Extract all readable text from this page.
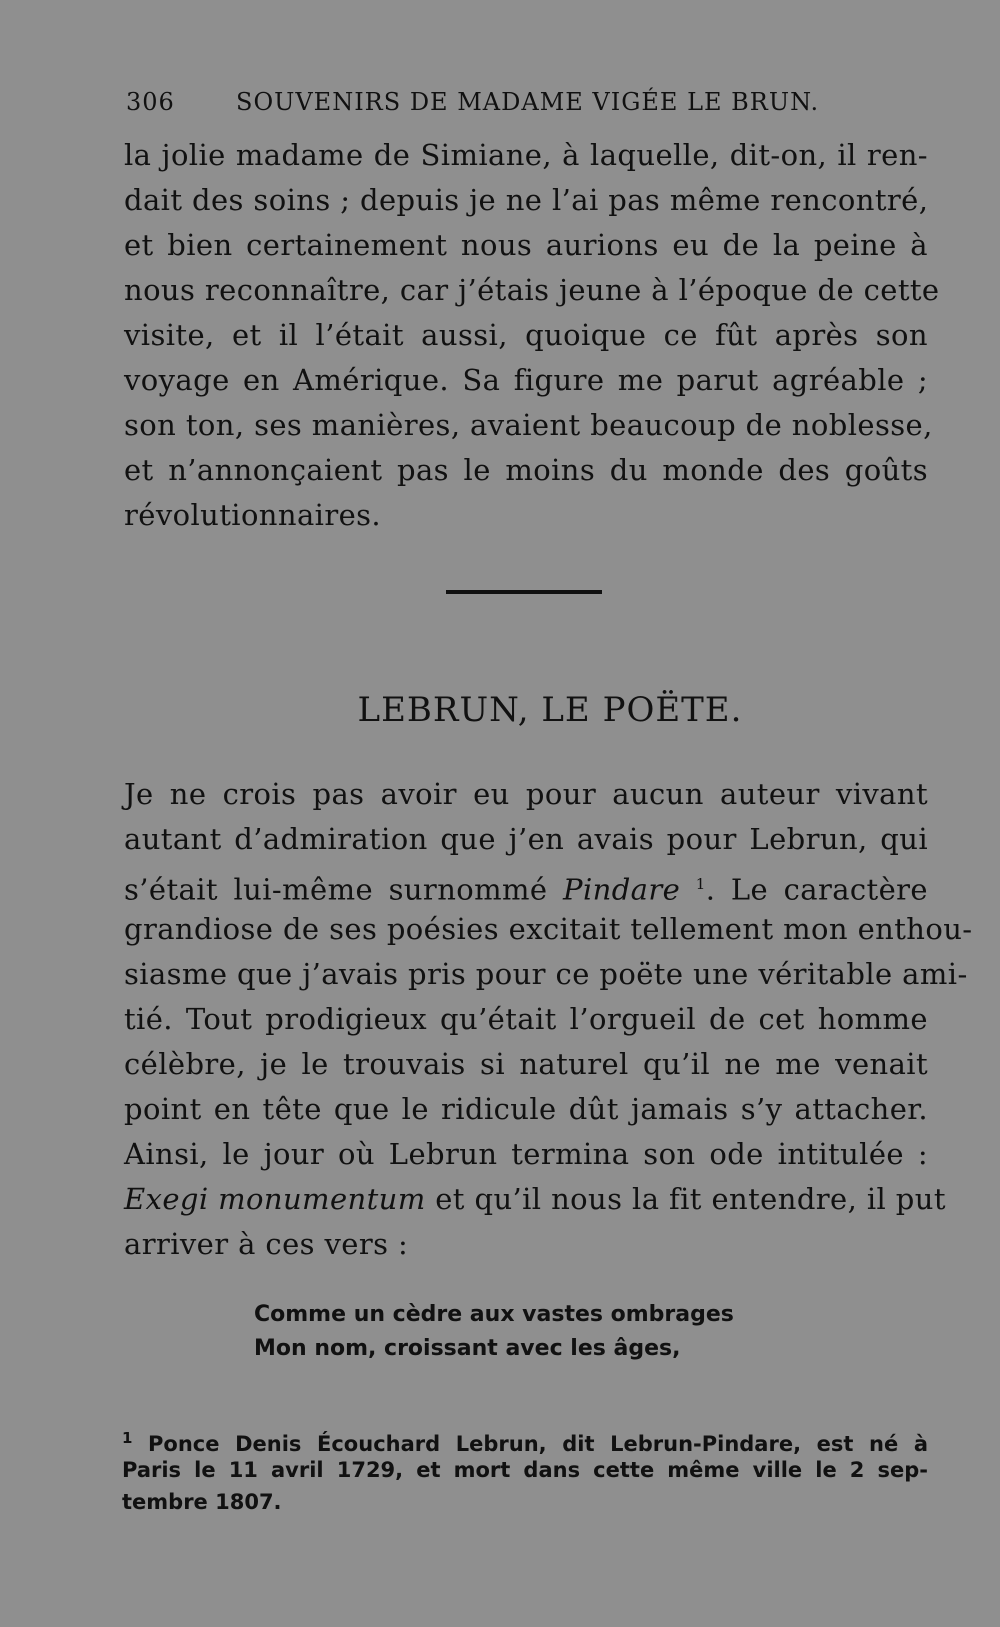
306	SOUVENIRS DE MADAME VIGÉE LE BRUN.
la jolie madame de Simiane, à laquelle, dit-on, il ren-
dait des soins ; depuis je ne l’ai pas même rencontré,
et bien certainement nous aurions eu de la peine à
nous reconnaître, car j’étais jeune à l’époque de cette
visite, et il l’était aussi, quoique ce fût après son
voyage en Amérique. Sa figure me parut agréable ;
son ton, ses manières, avaient beaucoup de noblesse,
et n’annonçaient pas le moins du monde des goûts
révolutionnaires.
LEBRUN, LE POËTE.
Je ne crois pas avoir eu pour aucun auteur vivant
autant d’admiration que j’en avais pour Lebrun, qui
s’était lui-même surnommé Pindare $^1$. Le caractère
grandiose de ses poésies excitait tellement mon enthou-
siasme que j’avais pris pour ce poëte une véritable ami-
tié. Tout prodigieux qu’était l’orgueil de cet homme
célèbre, je le trouvais si naturel qu’il ne me venait
point en tête que le ridicule dût jamais s’y attacher.
Ainsi, le jour où Lebrun termina son ode intitulée :
Exegi monumentum et qu’il nous la fit entendre, il put
arriver à ces vers :
Comme un cèdre aux vastes ombrages
Mon nom, croissant avec les âges,
$^1$ Ponce Denis Écouchard Lebrun, dit Lebrun-Pindare, est né à
Paris le 11 avril 1729, et mort dans cette même ville le 2 sep-
tembre 1807.
